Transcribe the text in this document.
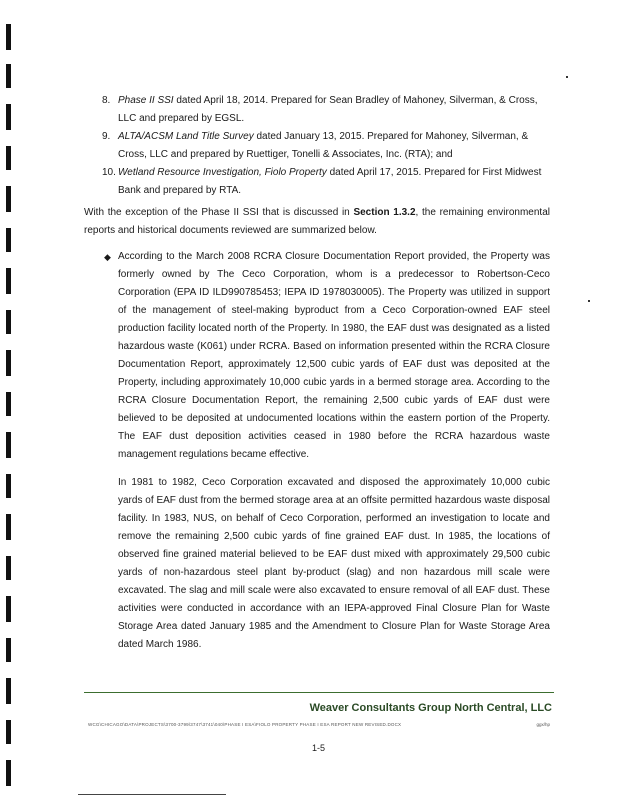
8. Phase II SSI dated April 18, 2014. Prepared for Sean Bradley of Mahoney, Silverman, & Cross, LLC and prepared by EGSL.
9. ALTA/ACSM Land Title Survey dated January 13, 2015. Prepared for Mahoney, Silverman, & Cross, LLC and prepared by Ruettiger, Tonelli & Associates, Inc. (RTA); and
10. Wetland Resource Investigation, Fiolo Property dated April 17, 2015. Prepared for First Midwest Bank and prepared by RTA.

With the exception of the Phase II SSI that is discussed in Section 1.3.2, the remaining environmental reports and historical documents reviewed are summarized below.

◆ According to the March 2008 RCRA Closure Documentation Report provided, the Property was formerly owned by The Ceco Corporation, whom is a predecessor to Robertson-Ceco Corporation (EPA ID ILD990785453; IEPA ID 1978030005). The Property was utilized in support of the management of steel-making byproduct from a Ceco Corporation-owned EAF steel production facility located north of the Property. In 1980, the EAF dust was designated as a listed hazardous waste (K061) under RCRA. Based on information presented within the RCRA Closure Documentation Report, approximately 12,500 cubic yards of EAF dust was deposited at the Property, including approximately 10,000 cubic yards in a bermed storage area. According to the RCRA Closure Documentation Report, the remaining 2,500 cubic yards of EAF dust were believed to be deposited at undocumented locations within the eastern portion of the Property. The EAF dust deposition activities ceased in 1980 before the RCRA hazardous waste management regulations became effective.

In 1981 to 1982, Ceco Corporation excavated and disposed the approximately 10,000 cubic yards of EAF dust from the bermed storage area at an offsite permitted hazardous waste disposal facility. In 1983, NUS, on behalf of Ceco Corporation, performed an investigation to locate and remove the remaining 2,500 cubic yards of fine grained EAF dust. In 1985, the locations of observed fine grained material believed to be EAF dust mixed with approximately 29,500 cubic yards of non-hazardous steel plant by-product (slag) and non hazardous mill scale were excavated. The slag and mill scale were also excavated to ensure removal of all EAF dust. These activities were conducted in accordance with an IEPA-approved Final Closure Plan for Waste Storage Area dated January 1985 and the Amendment to Closure Plan for Waste Storage Area dated March 1986.

Weaver Consultants Group North Central, LLC
WCG\CHICAGO\DATA\PROJECTS\3700-3799\3747\3741\040\PHASE I ESA\FIOLO PROPERTY PHASE I ESA REPORT NEW REVISED.DOCX	ggx/hp
1-5
